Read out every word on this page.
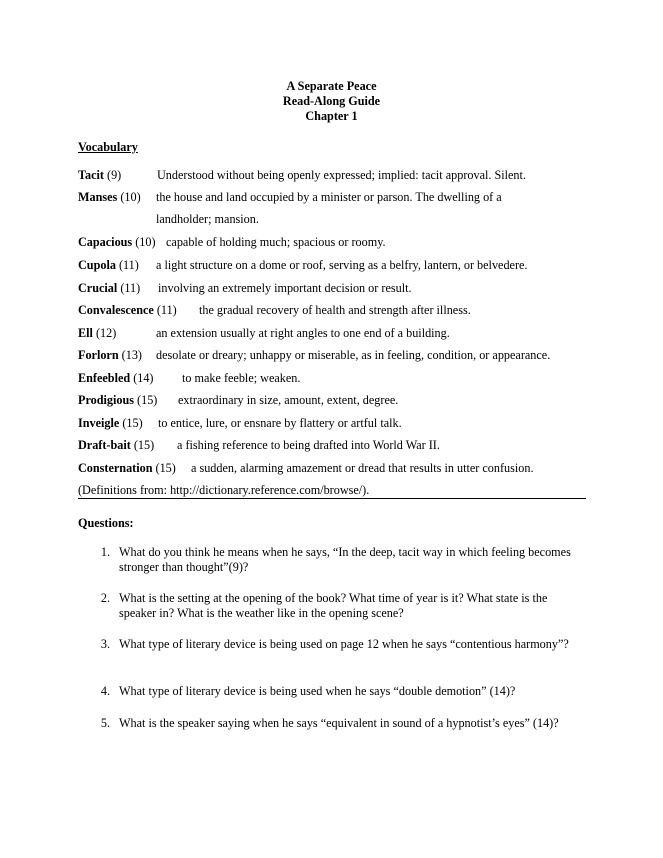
A Separate Peace
Read-Along Guide
Chapter 1
Vocabulary
Tacit (9)	Understood without being openly expressed; implied: tacit approval. Silent.
Manses (10) the house and land occupied by a minister or parson. The dwelling of a
landholder; mansion.
Capacious (10) capable of holding much; spacious or roomy.
Cupola (11) a light structure on a dome or roof, serving as a belfry, lantern, or belvedere.
Crucial (11) involving an extremely important decision or result.
Convalescence (11) the gradual recovery of health and strength after illness.
Ell (12)	an extension usually at right angles to one end of a building.
Forlorn (13) desolate or dreary; unhappy or miserable, as in feeling, condition, or appearance.
Enfeebled (14) to make feeble; weaken.
Prodigious (15) extraordinary in size, amount, extent, degree.
Inveigle (15) to entice, lure, or ensnare by flattery or artful talk.
Draft-bait (15) a fishing reference to being drafted into World War II.
Consternation (15) a sudden, alarming amazement or dread that results in utter confusion.
(Definitions from: http://dictionary.reference.com/browse/).
Questions:
1. What do you think he means when he says, “In the deep, tacit way in which feeling becomes stronger than thought”(9)?
2. What is the setting at the opening of the book? What time of year is it? What state is the speaker in? What is the weather like in the opening scene?
3. What type of literary device is being used on page 12 when he says “contentious harmony”?
4. What type of literary device is being used when he says “double demotion” (14)?
5. What is the speaker saying when he says “equivalent in sound of a hypnotist’s eyes” (14)?
